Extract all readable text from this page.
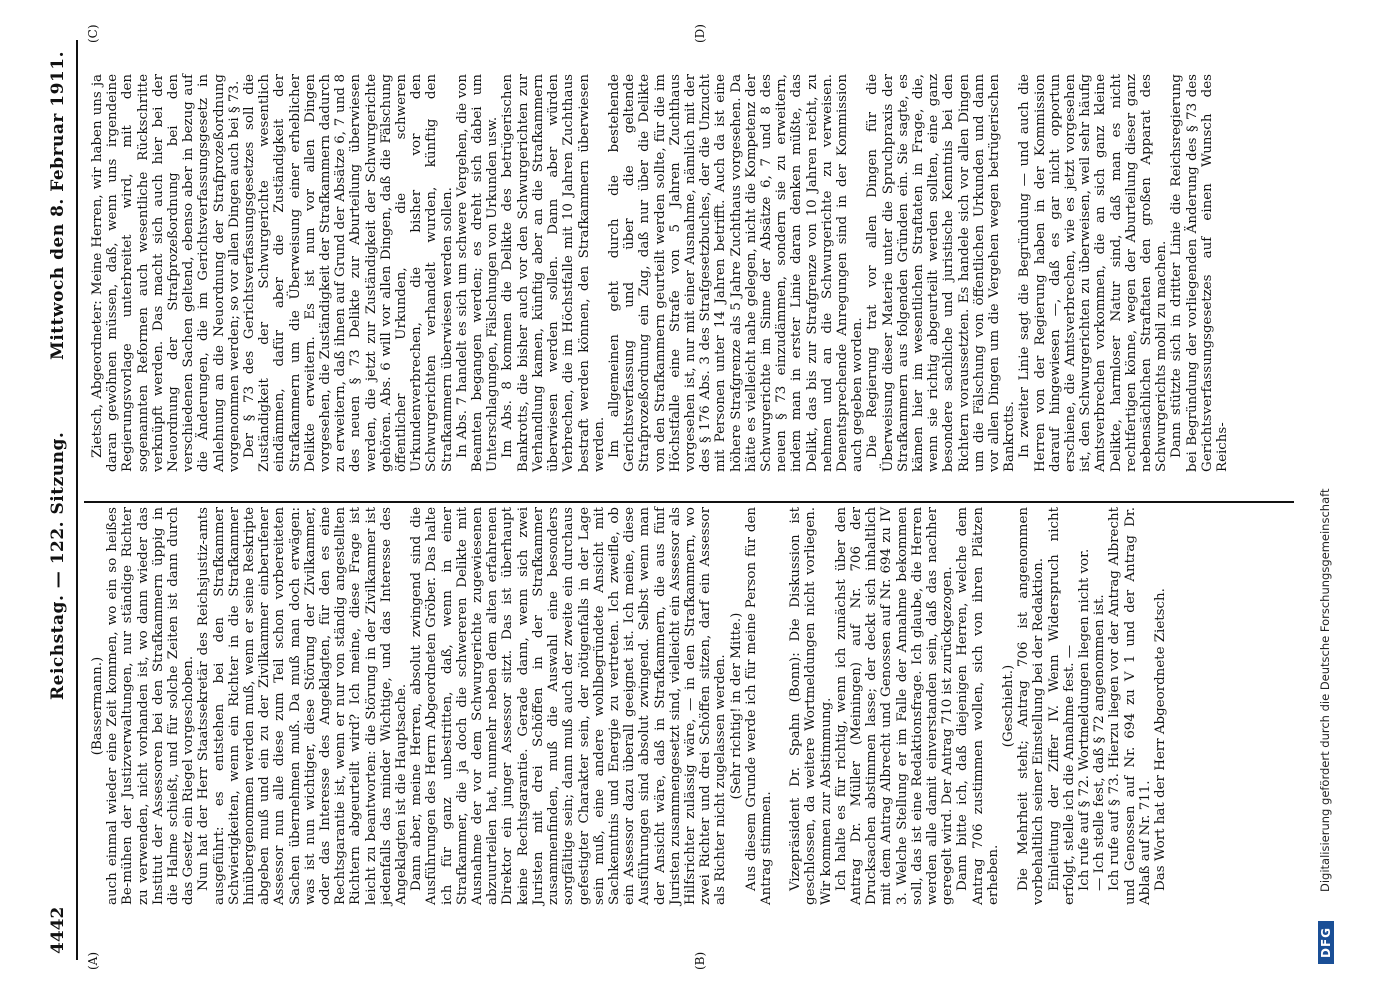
4442
Reichstag. — 122. Sitzung.
Mittwoch den 8. Februar 1911.
(A)	(B)
(C)	(D)

(Bassermann.) auch einmal wieder eine Zeit kommen, wo ein so heißes Be-mühen der Justizverwaltungen, nur ständige Richter zu verwenden, nicht vorhanden ist, wo dann wieder das Institut der Assessoren bei den Strafkammern üppig in die Halme schießt, und für solche Zeiten ist dann durch das Gesetz ein Riegel vorgeschoben. Nun hat der Herr Staatssekretär des Reichsjustiz-amts ausgeführt: es entstehen bei den Strafkammer Schwierigkeiten, wenn ein Richter in die Strafkammer hinübergenommen werden muß, wenn er seine Reskripte abgeben muß und ein zu der Zivilkammer einberufener Assessor nun alle diese zum Teil schon vorbereiteten Sachen übernehmen muß. Da muß man doch erwägen: was ist nun wichtiger, diese Störung der Zivilkammer, oder das Interesse des Angeklagten, für den es eine Rechtsgarantie ist, wenn er nur von ständig angestellten Richtern abgeurteilt wird? Ich meine, diese Frage ist leicht zu beantworten: die Störung in der Zivilkammer ist jedenfalls das minder Wichtige, und das Interesse des Angeklagten ist die Hauptsache. Dann aber, meine Herren, absolut zwingend sind die Ausführungen des Herrn Abgeordneten Gröber. Das halte ich für ganz unbestritten, daß, wenn in einer Strafkammer, die ja doch die schwereren Delikte mit Ausnahme der vor dem Schwurgerichte zugewiesenen abzuurteilen hat, nunmehr neben dem alten erfahrenen Direktor ein junger Assessor sitzt. Das ist überhaupt keine Rechtsgarantie. Gerade dann, wenn sich zwei Juristen mit drei Schöffen in der Strafkammer zusammenfinden, muß die Auswahl eine besonders sorgfältige sein; dann muß auch der zweite ein durchaus gefestigter Charakter sein, der nötigenfalls in der Lage sein muß, eine andere wohlbegründete Ansicht mit Sachkenntnis und Energie zu vertreten. Ich zweifle, ob ein Assessor dazu überall geeignet ist. Ich meine, diese Ausführungen sind absolut zwingend. Selbst wenn man der Ansicht wäre, daß in Strafkammern, die aus fünf Juristen zusammengesetzt sind, vielleicht ein Assessor als Hilfsrichter zulässig wäre, — in den Strafkammern, wo zwei Richter und drei Schöffen sitzen, darf ein Assessor als Richter nicht zugelassen werden. (Sehr richtig! in der Mitte.) Aus diesem Grunde werde ich für meine Person für den Antrag stimmen. Vizepräsident Dr. Spahn (Bonn): Die Diskussion ist geschlossen, da weitere Wortmeldungen nicht vorliegen. Wir kommen zur Abstimmung. Ich halte es für richtig, wenn ich zunächst über den Antrag Dr. Müller (Meiningen) auf Nr. 706 der Drucksachen abstimmen lasse; der deckt sich inhaltlich mit dem Antrag Albrecht und Genossen auf Nr. 694 zu IV 3. Welche Stellung er im Falle der Annahme bekommen soll, das ist eine Redaktionsfrage. Ich glaube, die Herren werden alle damit einverstanden sein, daß das nachher geregelt wird. Der Antrag 710 ist zurückgezogen. Dann bitte ich, daß diejenigen Herren, welche dem Antrag 706 zustimmen wollen, sich von ihren Plätzen erheben.

(Geschieht.) Die Mehrheit steht; Antrag 706 ist angenommen vorbehaltlich seiner Einstellung bei der Redaktion. Einleitung der Ziffer IV. Wenn Widerspruch nicht erfolgt, stelle ich die Annahme fest. — Ich rufe auf § 72. Wortmeldungen liegen nicht vor. — Ich stelle fest, daß § 72 angenommen ist. Ich rufe auf § 73. Hierzu liegen vor der Antrag Albrecht und Genossen auf Nr. 694 zu V 1 und der Antrag Dr. Ablaß auf Nr. 711. Das Wort hat der Herr Abgeordnete Zietsch.

Zietsch, Abgeordneter: Meine Herren, wir haben uns ja daran gewöhnen müssen, daß, wenn uns irgendeine Regierungsvorlage unterbreitet wird, mit den sogenannten Reformen auch wesentliche Rückschritte verknüpft werden. Das macht sich auch hier bei der Neuordnung der Strafprozeßordnung bei den verschiedenen Sachen geltend, ebenso aber in bezug auf die Änderungen, die im Gerichtsverfassungsgesetz in Anlehnung an die Neuordnung der Strafprozeßordnung vorgenommen werden; so vor allen Dingen auch bei § 73. Der § 73 des Gerichtsverfassungsgesetzes soll die Zuständigkeit der Schwurgerichte wesentlich eindämmen, dafür aber die Zuständigkeit der Strafkammern um die Überweisung einer erheblicher Delikte erweitern. Es ist nun vor allen Dingen vorgesehen, die Zuständigkeit der Strafkammern dadurch zu erweitern, daß ihnen auf Grund der Absätze 6, 7 und 8 des neuen § 73 Delikte zur Aburteilung überwiesen werden, die jetzt zur Zuständigkeit der Schwurgerichte gehören. Abs. 6 will vor allen Dingen, daß die Fälschung öffentlicher Urkunden, die schweren Urkundenverbrechen, die bisher vor den Schwurgerichten verhandelt wurden, künftig den Strafkammern überwiesen werden sollen. In Abs. 7 handelt es sich um schwere Vergehen, die von Beamten begangen werden; es dreht sich dabei um Unterschlagungen, Fälschungen von Urkunden usw. Im Abs. 8 kommen die Delikte des betrügerischen Bankrotts, die bisher auch vor den Schwurgerichten zur Verhandlung kamen, künftig aber an die Strafkammern überwiesen werden sollen. Dann aber würden Verbrechen, die im Höchstfalle mit 10 Jahren Zuchthaus bestraft werden können, den Strafkammern überwiesen werden. Im allgemeinen geht durch die bestehende Gerichtsverfassung und über die geltende Strafprozeßordnung ein Zug, daß nur über die Delikte von den Strafkammern geurteilt werden sollte, für die im Höchstfalle eine Strafe von 5 Jahren Zuchthaus vorgesehen ist, nur mit einer Ausnahme, nämlich mit der des § 176 Abs. 3 des Strafgesetzbuches, der die Unzucht mit Personen unter 14 Jahren betrifft. Auch da ist eine höhere Strafgrenze als 5 Jahre Zuchthaus vorgesehen. Da hätte es vielleicht nahe gelegen, nicht die Kompetenz der Schwurgerichte im Sinne der Absätze 6, 7 und 8 des neuen § 73 einzudämmen, sondern sie zu erweitern, indem man in erster Linie daran denken müßte, das Delikt, das bis zur Strafgrenze von 10 Jahren reicht, zu nehmen und an die Schwurgerichte zu verweisen. Denentsprechende Anregungen sind in der Kommission auch gegeben worden. Die Regierung trat vor allen Dingen für die Überweisung dieser Materie unter die Spruchpraxis der Strafkammern aus folgenden Gründen ein. Sie sagte, es kämen hier im wesentlichen Straftaten in Frage, die, wenn sie richtig abgeurteilt werden sollten, eine ganz besondere sachliche und juristische Kenntnis bei den Richtern voraussetzten. Es handele sich vor allen Dingen um die Fälschung von öffentlichen Urkunden und dann vor allen Dingen um die Vergehen wegen betrügerischen Bankrotts. In zweiter Linie sagt die Begründung — und auch die Herren von der Regierung haben in der Kommission darauf hingewiesen —, daß es gar nicht opportun erschiene, die Amtsverbrechen, wie es jetzt vorgesehen ist, den Schwurgerichten zu überweisen, weil sehr häufig Amtsverbrechen vorkommen, die an sich ganz kleine Delikte, harmloser Natur sind, daß man es nicht rechtfertigen könne, wegen der Aburteilung dieser ganz nebensächlichen Straftaten den großen Apparat des Schwurgerichts mobil zu machen. Dann stützte sich in dritter Linie die Reichsregierung bei Begründung der vorliegenden Änderung des § 73 des Gerichtsverfassungsgesetzes auf einen Wunsch des Reichs-

DFG
Digitalisierung gefördert durch die Deutsche Forschungsgemeinschaft
